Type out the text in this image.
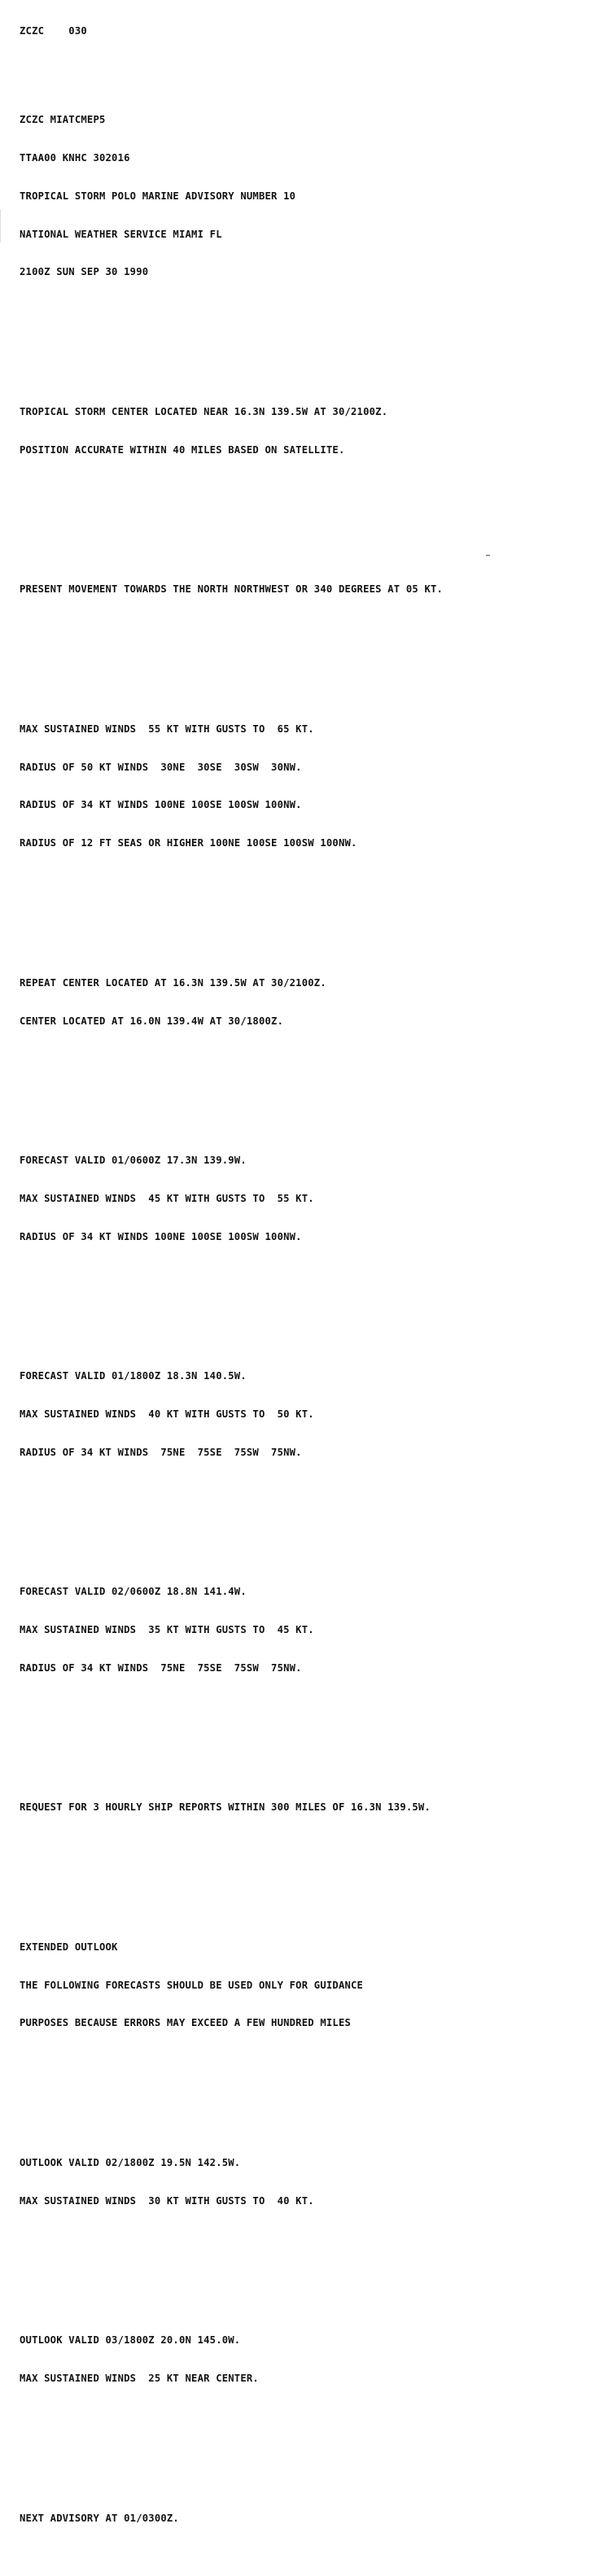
ZCZC    030

ZCZC MIATCMEP5

TTAA00 KNHC 302016

TROPICAL STORM POLO MARINE ADVISORY NUMBER 10

NATIONAL WEATHER SERVICE MIAMI FL

2100Z SUN SEP 30 1990

TROPICAL STORM CENTER LOCATED NEAR 16.3N 139.5W AT 30/2100Z.

POSITION ACCURATE WITHIN 40 MILES BASED ON SATELLITE.

PRESENT MOVEMENT TOWARDS THE NORTH NORTHWEST OR 340 DEGREES AT 05 KT.

MAX SUSTAINED WINDS  55 KT WITH GUSTS TO  65 KT.

RADIUS OF 50 KT WINDS  30NE  30SE  30SW  30NW.

RADIUS OF 34 KT WINDS 100NE 100SE 100SW 100NW.

RADIUS OF 12 FT SEAS OR HIGHER 100NE 100SE 100SW 100NW.

REPEAT CENTER LOCATED AT 16.3N 139.5W AT 30/2100Z.

CENTER LOCATED AT 16.0N 139.4W AT 30/1800Z.

FORECAST VALID 01/0600Z 17.3N 139.9W.

MAX SUSTAINED WINDS  45 KT WITH GUSTS TO  55 KT.

RADIUS OF 34 KT WINDS 100NE 100SE 100SW 100NW.

FORECAST VALID 01/1800Z 18.3N 140.5W.

MAX SUSTAINED WINDS  40 KT WITH GUSTS TO  50 KT.

RADIUS OF 34 KT WINDS  75NE  75SE  75SW  75NW.

FORECAST VALID 02/0600Z 18.8N 141.4W.

MAX SUSTAINED WINDS  35 KT WITH GUSTS TO  45 KT.

RADIUS OF 34 KT WINDS  75NE  75SE  75SW  75NW.

REQUEST FOR 3 HOURLY SHIP REPORTS WITHIN 300 MILES OF 16.3N 139.5W.

EXTENDED OUTLOOK

THE FOLLOWING FORECASTS SHOULD BE USED ONLY FOR GUIDANCE

PURPOSES BECAUSE ERRORS MAY EXCEED A FEW HUNDRED MILES

OUTLOOK VALID 02/1800Z 19.5N 142.5W.

MAX SUSTAINED WINDS  30 KT WITH GUSTS TO  40 KT.

OUTLOOK VALID 03/1800Z 20.0N 145.0W.

MAX SUSTAINED WINDS  25 KT NEAR CENTER.

NEXT ADVISORY AT 01/0300Z.
